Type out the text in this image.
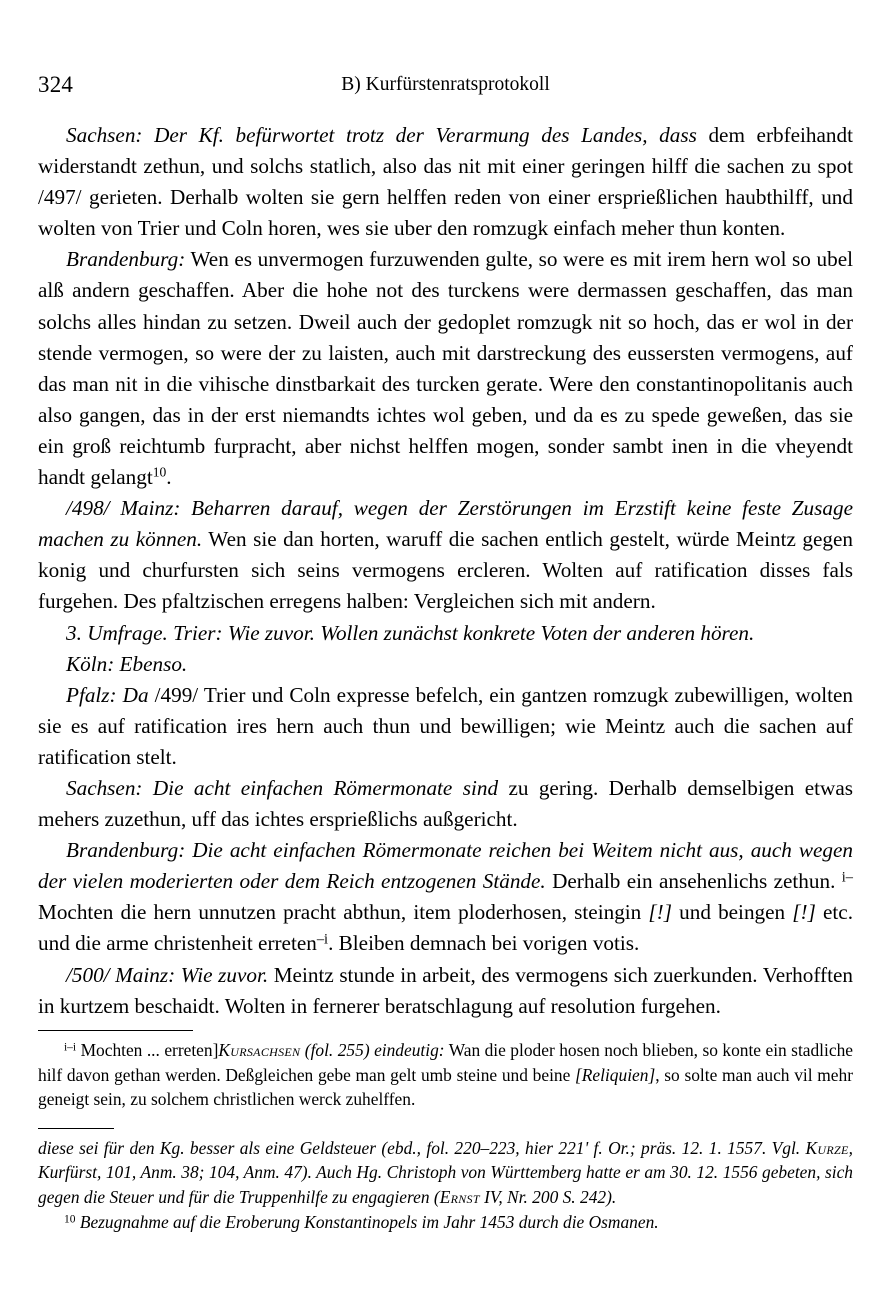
324	B) Kurfürstenratsprotokoll

Sachsen: Der Kf. befürwortet trotz der Verarmung des Landes, dass dem erbfeihandt widerstandt zethun, und solchs statlich, also das nit mit einer geringen hilff die sachen zu spot /497/ gerieten. Derhalb wolten sie gern helffen reden von einer ersprießlichen haubthilff, und wolten von Trier und Coln horen, wes sie uber den romzugk einfach meher thun konten.

Brandenburg: Wen es unvermogen furzuwenden gulte, so were es mit irem hern wol so ubel alß andern geschaffen. Aber die hohe not des turckens were dermassen geschaffen, das man solchs alles hindan zu setzen. Dweil auch der gedoplet romzugk nit so hoch, das er wol in der stende vermogen, so were der zu laisten, auch mit darstreckung des eussersten vermogens, auf das man nit in die vihische dinstbarkait des turcken gerate. Were den constantinopolitanis auch also gangen, das in der erst niemandts ichtes wol geben, und da es zu spede geweßen, das sie ein groß reichtumb furpracht, aber nichst helffen mogen, sonder sambt inen in die vheyendt handt gelangt$^{10}$.

/498/ Mainz: Beharren darauf, wegen der Zerstörungen im Erzstift keine feste Zusage machen zu können. Wen sie dan horten, waruff die sachen entlich gestelt, würde Meintz gegen konig und churfursten sich seins vermogens ercleren. Wolten auf ratification disses fals furgehen. Des pfaltzischen erregens halben: Vergleichen sich mit andern.

3. Umfrage. Trier: Wie zuvor. Wollen zunächst konkrete Voten der anderen hören.

Köln: Ebenso.

Pfalz: Da /499/ Trier und Coln expresse befelch, ein gantzen romzugk zubewilligen, wolten sie es auf ratification ires hern auch thun und bewilligen; wie Meintz auch die sachen auf ratification stelt.

Sachsen: Die acht einfachen Römermonate sind zu gering. Derhalb demselbigen etwas mehers zuzethun, uff das ichtes ersprießlichs außgericht.

Brandenburg: Die acht einfachen Römermonate reichen bei Weitem nicht aus, auch wegen der vielen moderierten oder dem Reich entzogenen Stände. Derhalb ein ansehenlichs zethun. $^{i-}$Mochten die hern unnutzen pracht abthun, item ploderhosen, steingin [!] und beingen [!] etc. und die arme christenheit erreten$^{-i}$. Bleiben demnach bei vorigen votis.

/500/ Mainz: Wie zuvor. Meintz stunde in arbeit, des vermogens sich zuerkunden. Verhofften in kurtzem beschaidt. Wolten in fernerer beratschlagung auf resolution furgehen.

$^{i-i}$ Mochten ... erreten]Kursachsen (fol. 255) eindeutig: Wan die ploder hosen noch blieben, so konte ein stadliche hilf davon gethan werden. Deßgleichen gebe man gelt umb steine und beine [Reliquien], so solte man auch vil mehr geneigt sein, zu solchem christlichen werck zuhelffen.

diese sei für den Kg. besser als eine Geldsteuer (ebd., fol. 220–223, hier 221' f. Or.; präs. 12. 1. 1557. Vgl. Kurze, Kurfürst, 101, Anm. 38; 104, Anm. 47). Auch Hg. Christoph von Württemberg hatte er am 30. 12. 1556 gebeten, sich gegen die Steuer und für die Truppenhilfe zu engagieren (Ernst IV, Nr. 200 S. 242).

$^{10}$ Bezugnahme auf die Eroberung Konstantinopels im Jahr 1453 durch die Osmanen.
